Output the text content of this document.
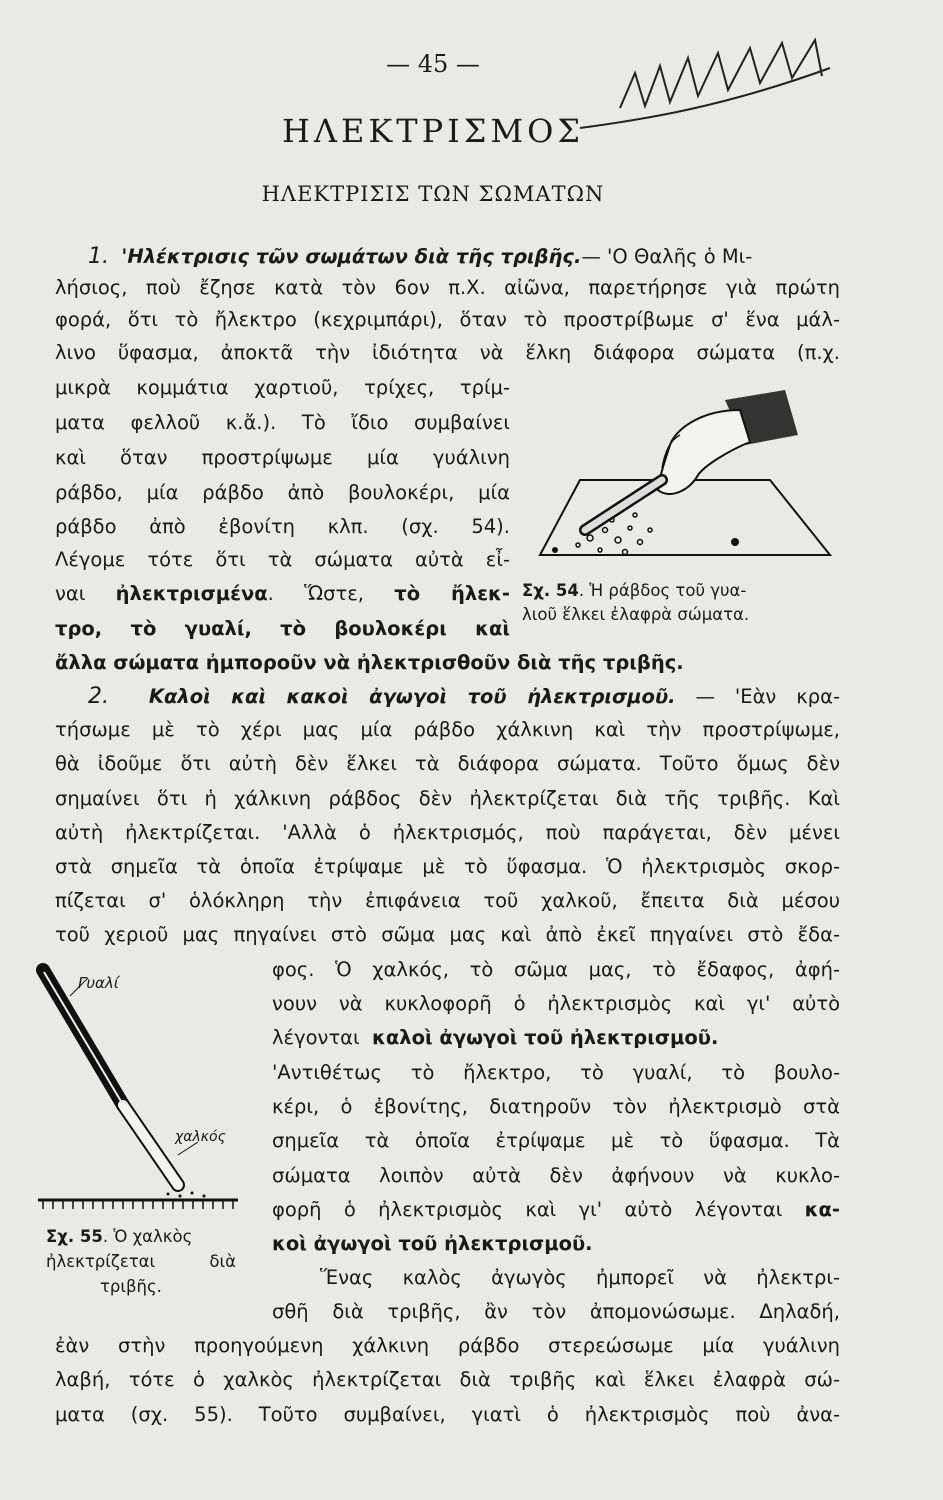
— 45 —
ΗΛΕΚΤΡΙΣΜΟΣ
ΗΛΕΚΤΡΙΣΙΣ ΤΩΝ ΣΩΜΑΤΩΝ
1. 'Ηλέκτρισις τῶν σωμάτων διὰ τῆς τριβῆς.— 'Ο Θαλῆς ὁ Μι-
λήσιος, ποὺ ἔζησε κατὰ τὸν 6ον π.Χ. αἰῶνα, παρετήρησε γιὰ πρώτη
φορά, ὅτι τὸ ἤλεκτρο (κεχριμπάρι), ὅταν τὸ προστρίβωμε σ' ἕνα μάλ-
λινο ὕφασμα, ἀποκτᾶ τὴν ἰδιότητα νὰ ἕλκη διάφορα σώματα (π.χ.
μικρὰ κομμάτια χαρτιοῦ, τρίχες, τρίμ-
ματα φελλοῦ κ.ἄ.). Τὸ ἴδιο συμβαίνει
καὶ ὅταν προστρίψωμε μία γυάλινη
ράβδο, μία ράβδο ἀπὸ βουλοκέρι, μία
ράβδο ἀπὸ ἐβονίτη κλπ. (σχ. 54).
Λέγομε τότε ὅτι τὰ σώματα αὐτὰ εἶ-
ναι ἠλεκτρισμένα. Ὥστε, τὸ ἤλεκ-
τρο, τὸ γυαλί, τὸ βουλοκέρι καὶ
ἄλλα σώματα ἠμποροῦν νὰ ἠλεκτρισθοῦν διὰ τῆς τριβῆς.
Σχ. 54. Ἡ ράβδος τοῦ γυα-
λιοῦ ἕλκει ἐλαφρὰ σώματα.
2. Καλοὶ καὶ κακοὶ ἀγωγοὶ τοῦ ἠλεκτρισμοῦ. — 'Εὰν κρα-
τήσωμε μὲ τὸ χέρι μας μία ράβδο χάλκινη καὶ τὴν προστρίψωμε,
θὰ ἰδοῦμε ὅτι αὐτὴ δὲν ἕλκει τὰ διάφορα σώματα. Τοῦτο ὅμως δὲν
σημαίνει ὅτι ἡ χάλκινη ράβδος δὲν ἠλεκτρίζεται διὰ τῆς τριβῆς. Καὶ
αὐτὴ ἠλεκτρίζεται. 'Αλλὰ ὁ ἠλεκτρισμός, ποὺ παράγεται, δὲν μένει
στὰ σημεῖα τὰ ὁποῖα ἐτρίψαμε μὲ τὸ ὕφασμα. Ὁ ἠλεκτρισμὸς σκορ-
πίζεται σ' ὁλόκληρη τὴν ἐπιφάνεια τοῦ χαλκοῦ, ἔπειτα διὰ μέσου
τοῦ χεριοῦ μας πηγαίνει στὸ σῶμα μας καὶ ἀπὸ ἐκεῖ πηγαίνει στὸ ἔδα-
φος. Ὁ χαλκός, τὸ σῶμα μας, τὸ ἔδαφος, ἀφή-
νουν νὰ κυκλοφορῆ ὁ ἠλεκτρισμὸς καὶ γι' αὐτὸ
λέγονται καλοὶ ἀγωγοὶ τοῦ ἠλεκτρισμοῦ.
'Αντιθέτως τὸ ἤλεκτρο, τὸ γυαλί, τὸ βουλο-
κέρι, ὁ ἐβονίτης, διατηροῦν τὸν ἠλεκτρισμὸ στὰ
σημεῖα τὰ ὁποῖα ἐτρίψαμε μὲ τὸ ὕφασμα. Τὰ
σώματα λοιπὸν αὐτὰ δὲν ἀφήνουν νὰ κυκλο-
φορῆ ὁ ἠλεκτρισμὸς καὶ γι' αὐτὸ λέγονται κα-
κοὶ ἀγωγοὶ τοῦ ἠλεκτρισμοῦ.
Γυαλί
χαλκός
Σχ. 55. Ὁ χαλκὸς
ἠλεκτρίζεται διὰ
τριβῆς.	Ἕνας καλὸς ἀγωγὸς ἠμπορεῖ νὰ ἠλεκτρι-
σθῆ διὰ τριβῆς, ἂν τὸν ἀπομονώσωμε. Δηλαδή,
ἐὰν στὴν προηγούμενη χάλκινη ράβδο στερεώσωμε μία γυάλινη
λαβή, τότε ὁ χαλκὸς ἠλεκτρίζεται διὰ τριβῆς καὶ ἕλκει ἐλαφρὰ σώ-
ματα (σχ. 55). Τοῦτο συμβαίνει, γιατὶ ὁ ἠλεκτρισμὸς ποὺ ἀνα-
